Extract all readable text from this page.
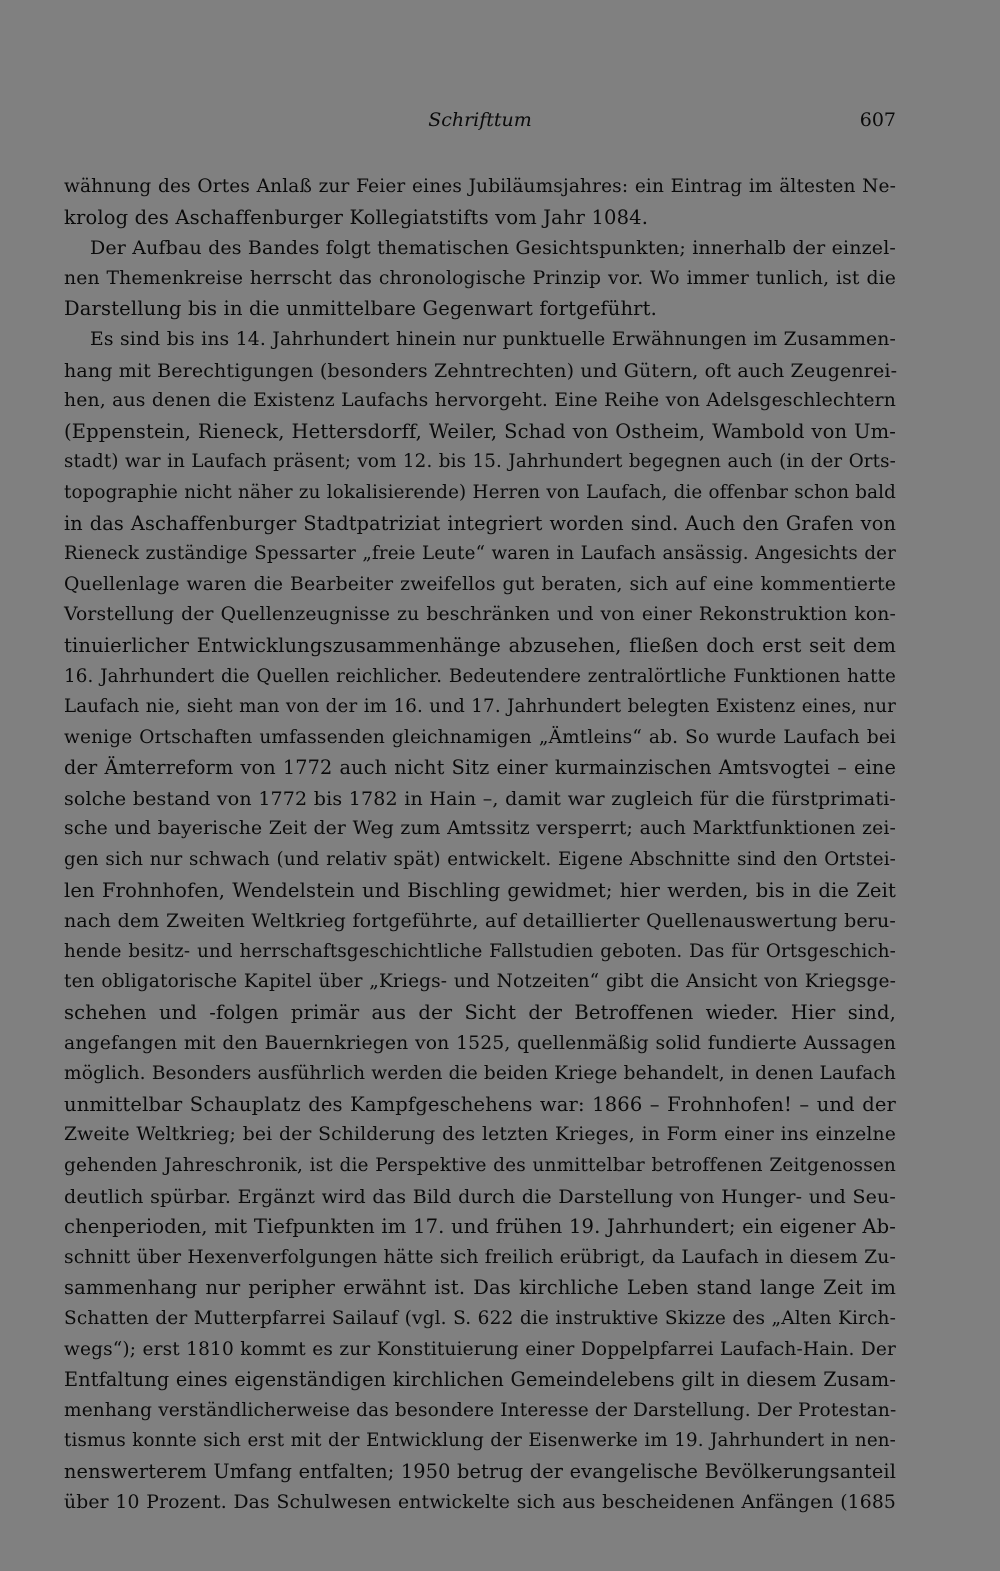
Schrifttum	607
wähnung des Ortes Anlaß zur Feier eines Jubiläumsjahres: ein Eintrag im ältesten Ne-
krolog des Aschaffenburger Kollegiatstifts vom Jahr 1084.
Der Aufbau des Bandes folgt thematischen Gesichtspunkten; innerhalb der einzel-
nen Themenkreise herrscht das chronologische Prinzip vor. Wo immer tunlich, ist die
Darstellung bis in die unmittelbare Gegenwart fortgeführt.
Es sind bis ins 14. Jahrhundert hinein nur punktuelle Erwähnungen im Zusammen-
hang mit Berechtigungen (besonders Zehntrechten) und Gütern, oft auch Zeugenrei-
hen, aus denen die Existenz Laufachs hervorgeht. Eine Reihe von Adelsgeschlechtern
(Eppenstein, Rieneck, Hettersdorff, Weiler, Schad von Ostheim, Wambold von Um-
stadt) war in Laufach präsent; vom 12. bis 15. Jahrhundert begegnen auch (in der Orts-
topographie nicht näher zu lokalisierende) Herren von Laufach, die offenbar schon bald
in das Aschaffenburger Stadtpatriziat integriert worden sind. Auch den Grafen von
Rieneck zuständige Spessarter „freie Leute“ waren in Laufach ansässig. Angesichts der
Quellenlage waren die Bearbeiter zweifellos gut beraten, sich auf eine kommentierte
Vorstellung der Quellenzeugnisse zu beschränken und von einer Rekonstruktion kon-
tinuierlicher Entwicklungszusammenhänge abzusehen, fließen doch erst seit dem
16. Jahrhundert die Quellen reichlicher. Bedeutendere zentralörtliche Funktionen hatte
Laufach nie, sieht man von der im 16. und 17. Jahrhundert belegten Existenz eines, nur
wenige Ortschaften umfassenden gleichnamigen „Ämtleins“ ab. So wurde Laufach bei
der Ämterreform von 1772 auch nicht Sitz einer kurmainzischen Amtsvogtei – eine
solche bestand von 1772 bis 1782 in Hain –, damit war zugleich für die fürstprimati-
sche und bayerische Zeit der Weg zum Amtssitz versperrt; auch Marktfunktionen zei-
gen sich nur schwach (und relativ spät) entwickelt. Eigene Abschnitte sind den Ortstei-
len Frohnhofen, Wendelstein und Bischling gewidmet; hier werden, bis in die Zeit
nach dem Zweiten Weltkrieg fortgeführte, auf detaillierter Quellenauswertung beru-
hende besitz- und herrschaftsgeschichtliche Fallstudien geboten. Das für Ortsgeschich-
ten obligatorische Kapitel über „Kriegs- und Notzeiten“ gibt die Ansicht von Kriegsge-
schehen und -folgen primär aus der Sicht der Betroffenen wieder. Hier sind,
angefangen mit den Bauernkriegen von 1525, quellenmäßig solid fundierte Aussagen
möglich. Besonders ausführlich werden die beiden Kriege behandelt, in denen Laufach
unmittelbar Schauplatz des Kampfgeschehens war: 1866 – Frohnhofen! – und der
Zweite Weltkrieg; bei der Schilderung des letzten Krieges, in Form einer ins einzelne
gehenden Jahreschronik, ist die Perspektive des unmittelbar betroffenen Zeitgenossen
deutlich spürbar. Ergänzt wird das Bild durch die Darstellung von Hunger- und Seu-
chenperioden, mit Tiefpunkten im 17. und frühen 19. Jahrhundert; ein eigener Ab-
schnitt über Hexenverfolgungen hätte sich freilich erübrigt, da Laufach in diesem Zu-
sammenhang nur peripher erwähnt ist. Das kirchliche Leben stand lange Zeit im
Schatten der Mutterpfarrei Sailauf (vgl. S. 622 die instruktive Skizze des „Alten Kirch-
wegs“); erst 1810 kommt es zur Konstituierung einer Doppelpfarrei Laufach-Hain. Der
Entfaltung eines eigenständigen kirchlichen Gemeindelebens gilt in diesem Zusam-
menhang verständlicherweise das besondere Interesse der Darstellung. Der Protestan-
tismus konnte sich erst mit der Entwicklung der Eisenwerke im 19. Jahrhundert in nen-
nenswerterem Umfang entfalten; 1950 betrug der evangelische Bevölkerungsanteil
über 10 Prozent. Das Schulwesen entwickelte sich aus bescheidenen Anfängen (1685
